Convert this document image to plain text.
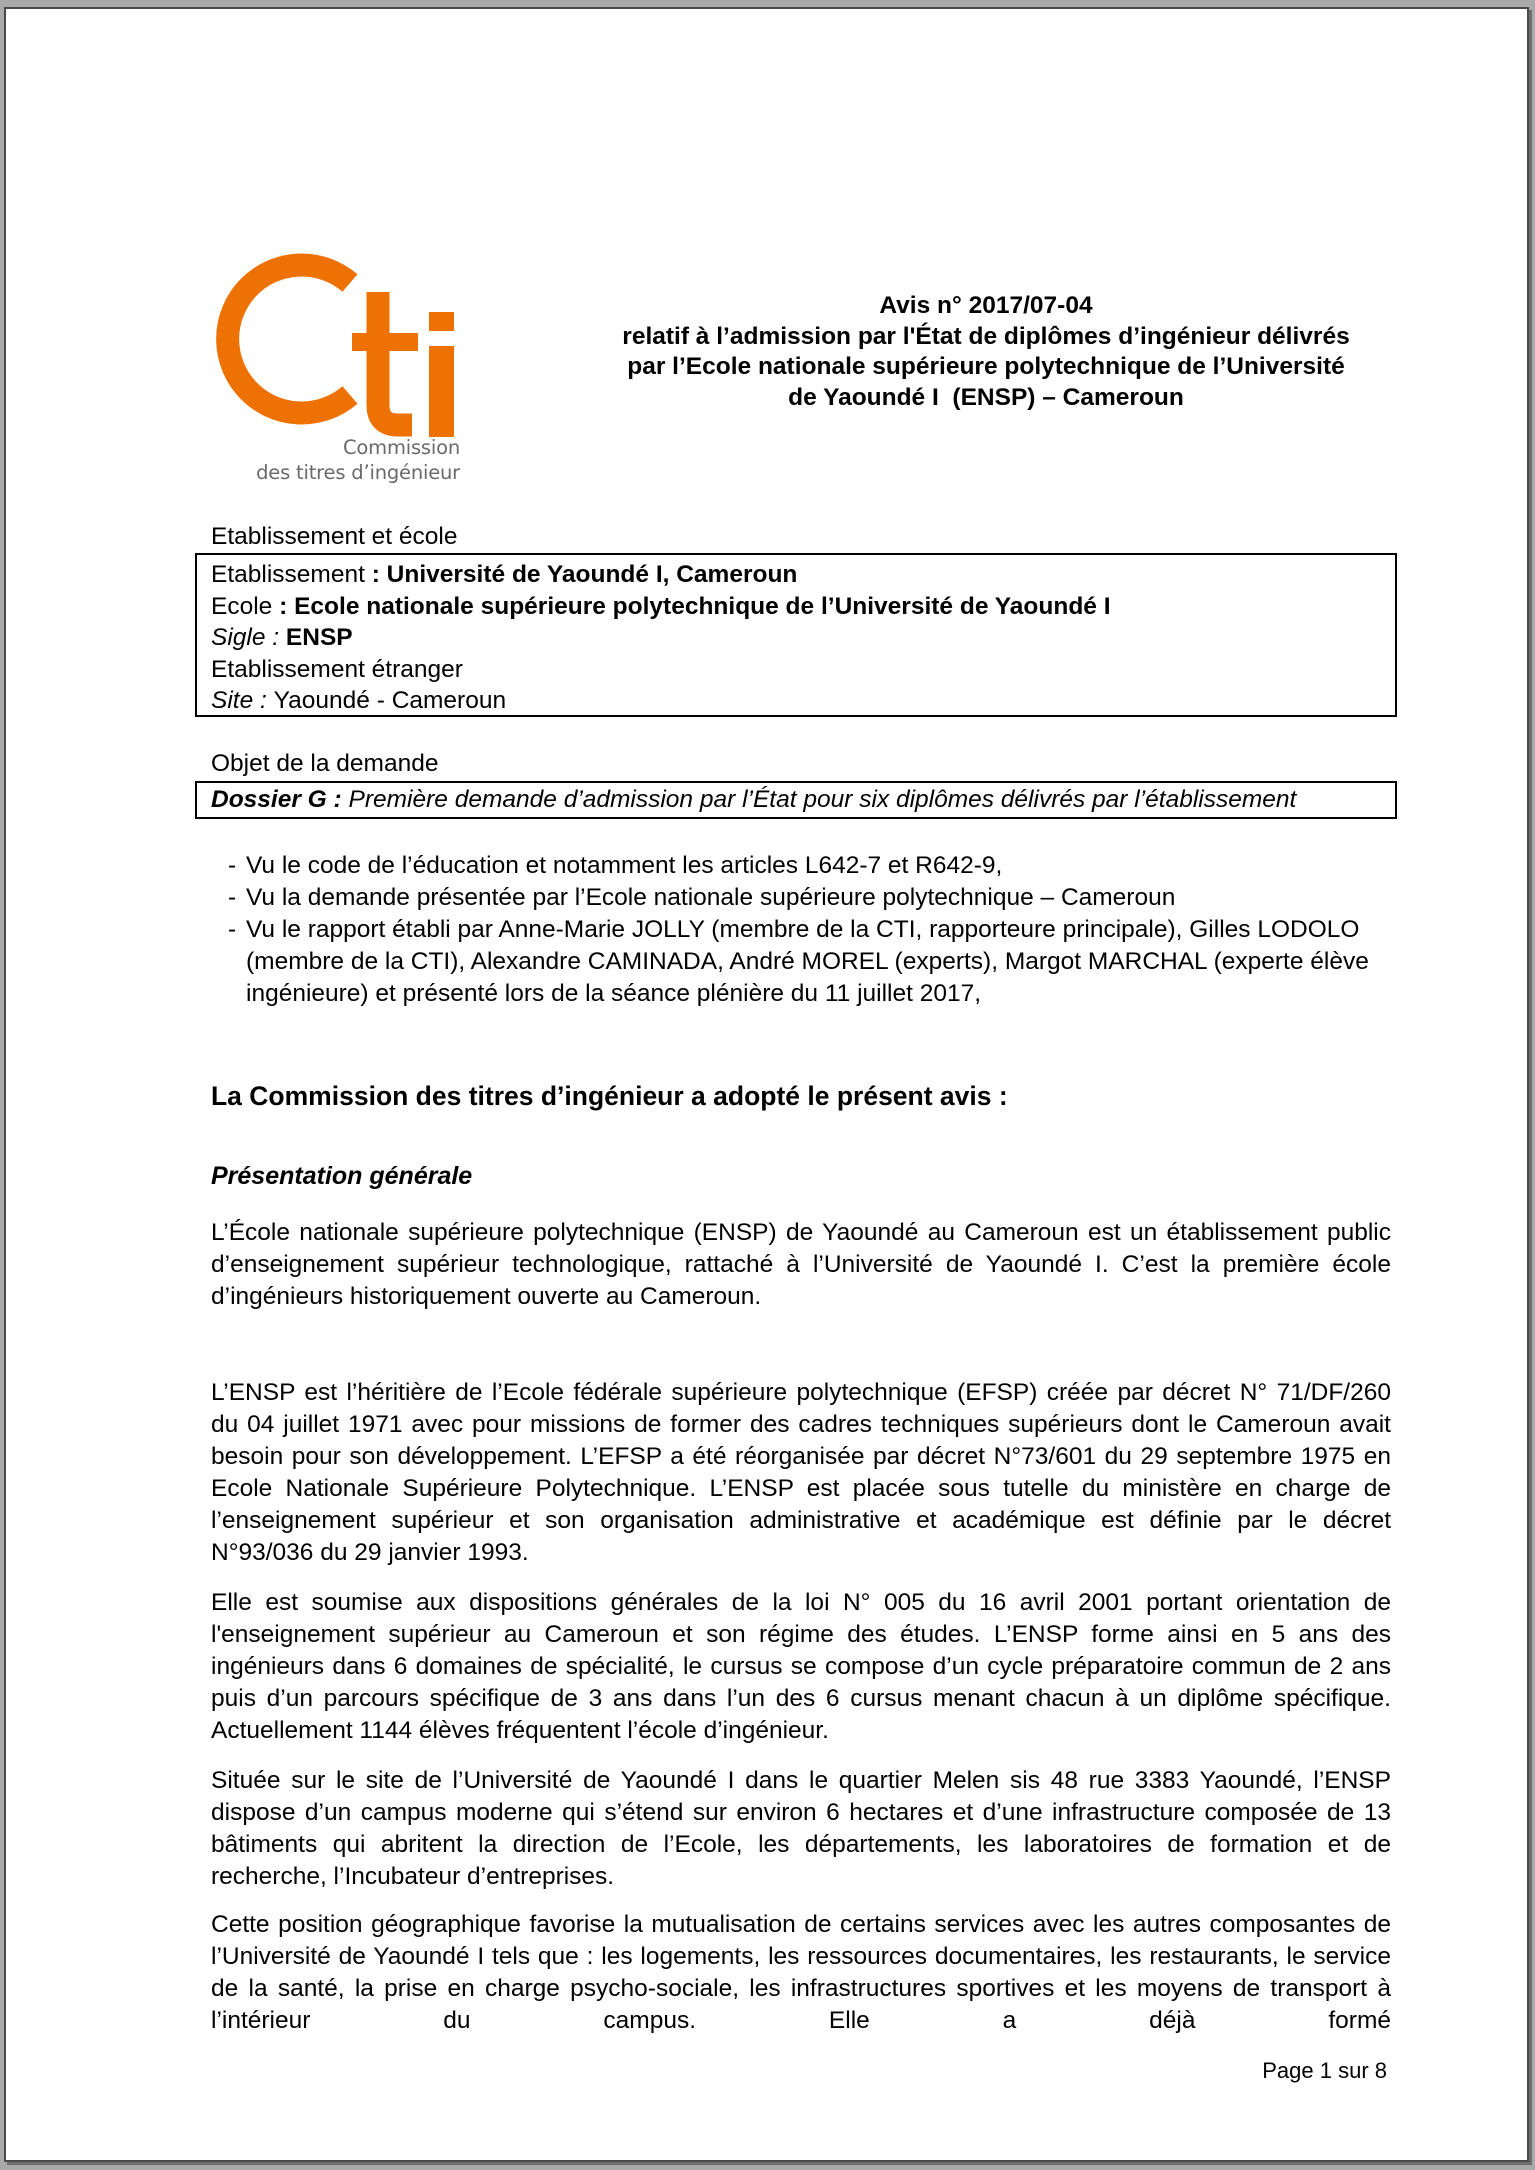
Commission
des titres d’ingénieur
Avis n° 2017/07-04
relatif à l’admission par l'État de diplômes d’ingénieur délivrés
par l’Ecole nationale supérieure polytechnique de l’Université
de Yaoundé I  (ENSP) – Cameroun
Etablissement et école
Etablissement : Université de Yaoundé I, Cameroun
Ecole : Ecole nationale supérieure polytechnique de l’Université de Yaoundé I
Sigle : ENSP
Etablissement étranger
Site : Yaoundé - Cameroun
Objet de la demande
Dossier G : Première demande d’admission par l’État pour six diplômes délivrés par l’établissement
- Vu le code de l’éducation et notamment les articles L642-7 et R642-9,
- Vu la demande présentée par l’Ecole nationale supérieure polytechnique – Cameroun
- Vu le rapport établi par Anne-Marie JOLLY (membre de la CTI, rapporteure principale), Gilles LODOLO (membre de la CTI), Alexandre CAMINADA, André MOREL (experts), Margot MARCHAL (experte élève ingénieure) et présenté lors de la séance plénière du 11 juillet 2017,
La Commission des titres d’ingénieur a adopté le présent avis :
Présentation générale
L’École nationale supérieure polytechnique (ENSP) de Yaoundé au Cameroun est un établissement public d’enseignement supérieur technologique, rattaché à l’Université de Yaoundé I. C’est la première école d’ingénieurs historiquement ouverte au Cameroun.
L’ENSP est l’héritière de l’Ecole fédérale supérieure polytechnique (EFSP) créée par décret N° 71/DF/260 du 04 juillet 1971 avec pour missions de former des cadres techniques supérieurs dont le Cameroun avait besoin pour son développement. L’EFSP a été réorganisée par décret N°73/601 du 29 septembre 1975 en Ecole Nationale Supérieure Polytechnique. L’ENSP est placée sous tutelle du ministère en charge de l’enseignement supérieur et son organisation administrative et académique est définie par le décret N°93/036 du 29 janvier 1993.
Elle est soumise aux dispositions générales de la loi N° 005 du 16 avril 2001 portant orientation de l'enseignement supérieur au Cameroun et son régime des études. L’ENSP forme ainsi en 5 ans des ingénieurs dans 6 domaines de spécialité, le cursus se compose d’un cycle préparatoire commun de 2 ans puis d’un parcours spécifique de 3 ans dans l’un des 6 cursus menant chacun à un diplôme spécifique. Actuellement 1144 élèves fréquentent l’école d’ingénieur.
Située sur le site de l’Université de Yaoundé I dans le quartier Melen sis 48 rue 3383 Yaoundé, l’ENSP dispose d’un campus moderne qui s’étend sur environ 6 hectares et d’une infrastructure composée de 13 bâtiments qui abritent la direction de l’Ecole, les départements, les laboratoires de formation et de recherche, l’Incubateur d’entreprises.
Cette position géographique favorise la mutualisation de certains services avec les autres composantes de l’Université de Yaoundé I tels que : les logements, les ressources documentaires, les restaurants, le service de la santé, la prise en charge psycho-sociale, les infrastructures sportives et les moyens de transport à l’intérieur du campus. Elle a déjà formé
Page 1 sur 8
